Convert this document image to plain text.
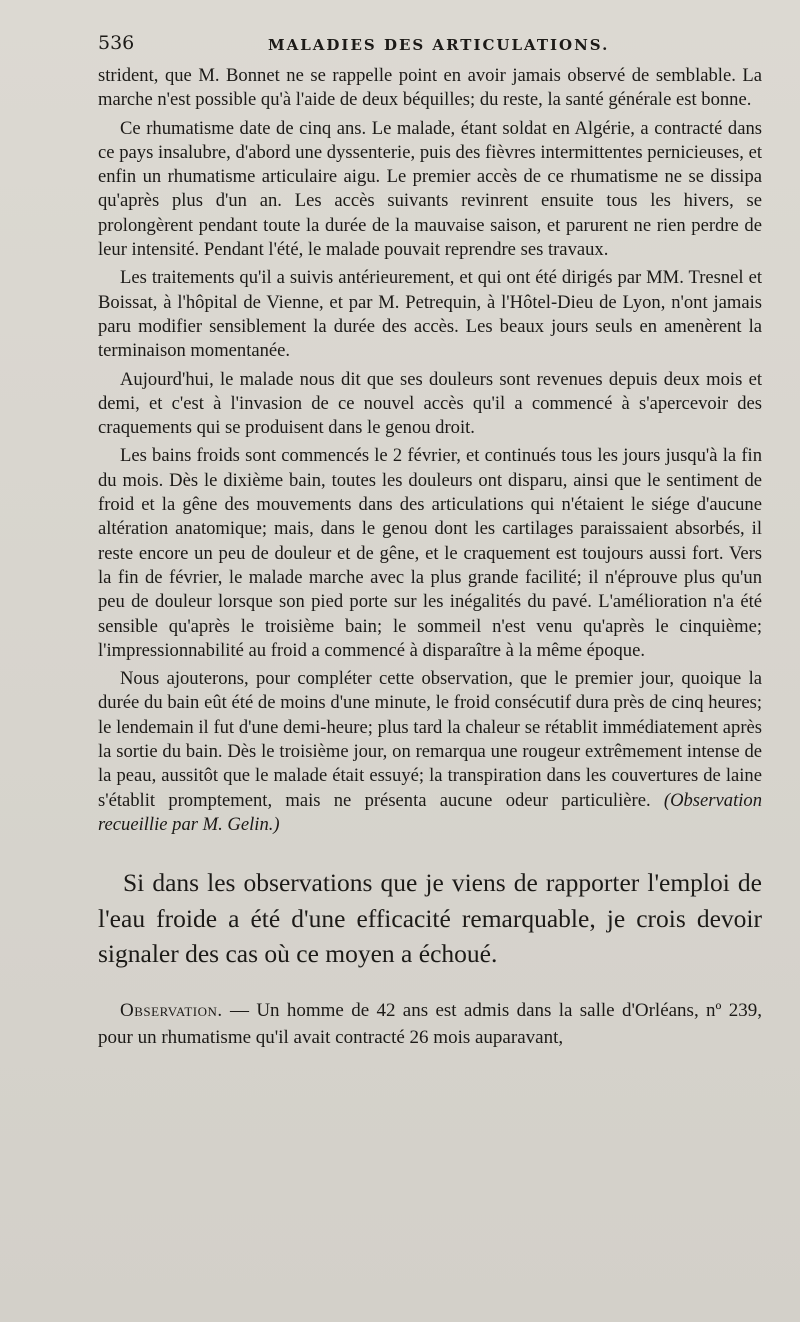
536	MALADIES DES ARTICULATIONS.

strident, que M. Bonnet ne se rappelle point en avoir jamais observé de semblable. La marche n'est possible qu'à l'aide de deux béquilles; du reste, la santé générale est bonne.

Ce rhumatisme date de cinq ans. Le malade, étant soldat en Algérie, a contracté dans ce pays insalubre, d'abord une dyssenterie, puis des fièvres intermittentes pernicieuses, et enfin un rhumatisme articulaire aigu. Le premier accès de ce rhumatisme ne se dissipa qu'après plus d'un an. Les accès suivants revinrent ensuite tous les hivers, se prolongèrent pendant toute la durée de la mauvaise saison, et parurent ne rien perdre de leur intensité. Pendant l'été, le malade pouvait reprendre ses travaux.

Les traitements qu'il a suivis antérieurement, et qui ont été dirigés par MM. Tresnel et Boissat, à l'hôpital de Vienne, et par M. Petrequin, à l'Hôtel-Dieu de Lyon, n'ont jamais paru modifier sensiblement la durée des accès. Les beaux jours seuls en amenèrent la terminaison momentanée.

Aujourd'hui, le malade nous dit que ses douleurs sont revenues depuis deux mois et demi, et c'est à l'invasion de ce nouvel accès qu'il a commencé à s'apercevoir des craquements qui se produisent dans le genou droit.

Les bains froids sont commencés le 2 février, et continués tous les jours jusqu'à la fin du mois. Dès le dixième bain, toutes les douleurs ont disparu, ainsi que le sentiment de froid et la gêne des mouvements dans des articulations qui n'étaient le siége d'aucune altération anatomique; mais, dans le genou dont les cartilages paraissaient absorbés, il reste encore un peu de douleur et de gêne, et le craquement est toujours aussi fort. Vers la fin de février, le malade marche avec la plus grande facilité; il n'éprouve plus qu'un peu de douleur lorsque son pied porte sur les inégalités du pavé. L'amélioration n'a été sensible qu'après le troisième bain; le sommeil n'est venu qu'après le cinquième; l'impressionnabilité au froid a commencé à disparaître à la même époque.

Nous ajouterons, pour compléter cette observation, que le premier jour, quoique la durée du bain eût été de moins d'une minute, le froid consécutif dura près de cinq heures; le lendemain il fut d'une demi-heure; plus tard la chaleur se rétablit immédiatement après la sortie du bain. Dès le troisième jour, on remarqua une rougeur extrêmement intense de la peau, aussitôt que le malade était essuyé; la transpiration dans les couvertures de laine s'établit promptement, mais ne présenta aucune odeur particulière. (Observation recueillie par M. Gelin.)

Si dans les observations que je viens de rapporter l'emploi de l'eau froide a été d'une efficacité remarquable, je crois devoir signaler des cas où ce moyen a échoué.

Observation. — Un homme de 42 ans est admis dans la salle d'Orléans, nº 239, pour un rhumatisme qu'il avait contracté 26 mois auparavant,
